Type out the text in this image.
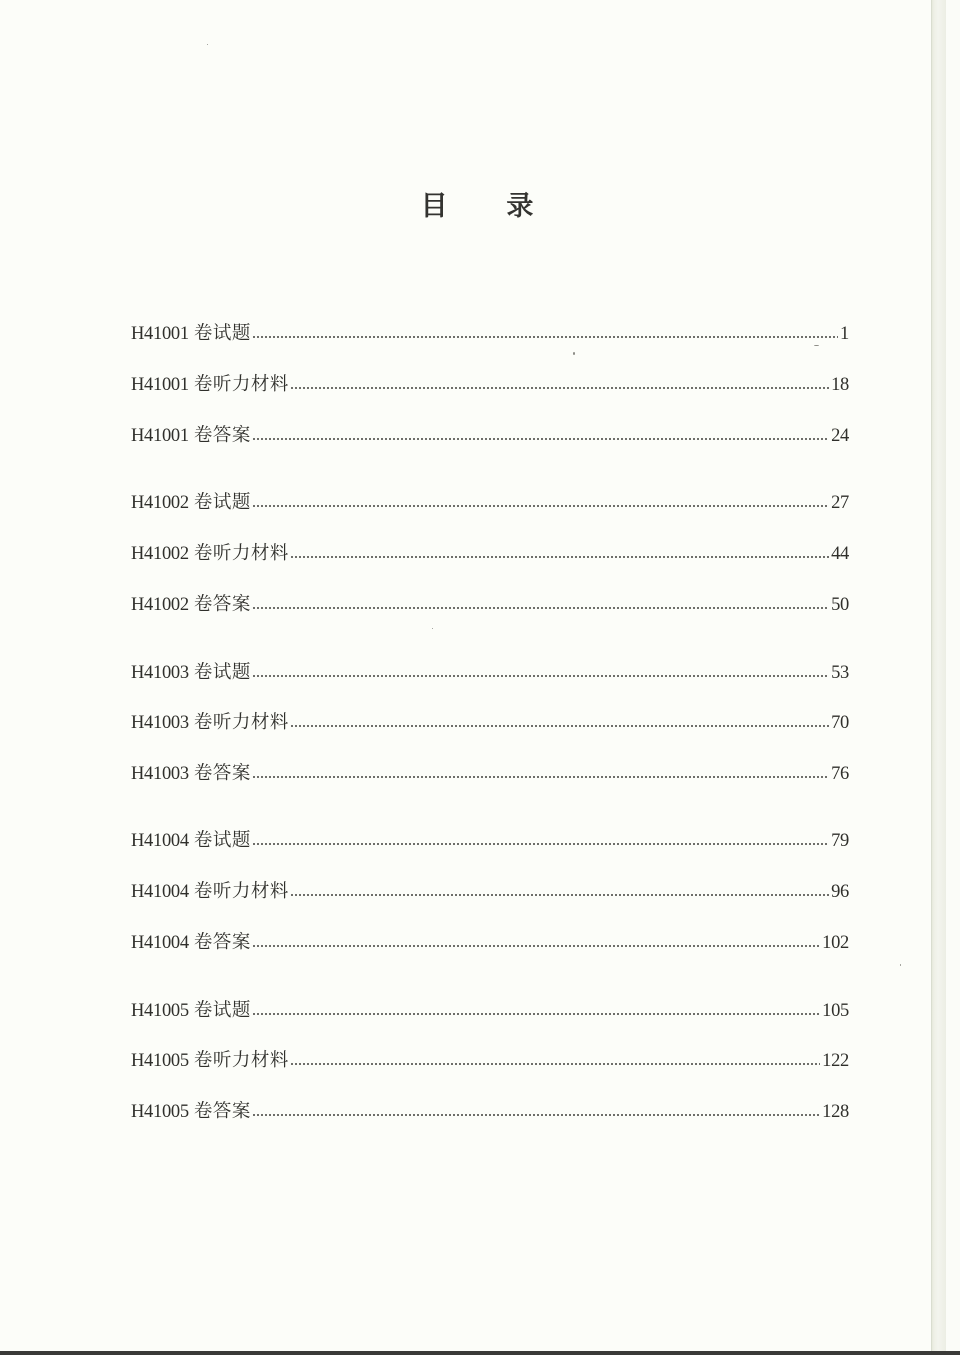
目 录
H41001 卷试题	1
H41001 卷听力材料	18
H41001 卷答案	24
H41002 卷试题	27
H41002 卷听力材料	44
H41002 卷答案	50
H41003 卷试题	53
H41003 卷听力材料	70
H41003 卷答案	76
H41004 卷试题	79
H41004 卷听力材料	96
H41004 卷答案	102
H41005 卷试题	105
H41005 卷听力材料	122
H41005 卷答案	128
